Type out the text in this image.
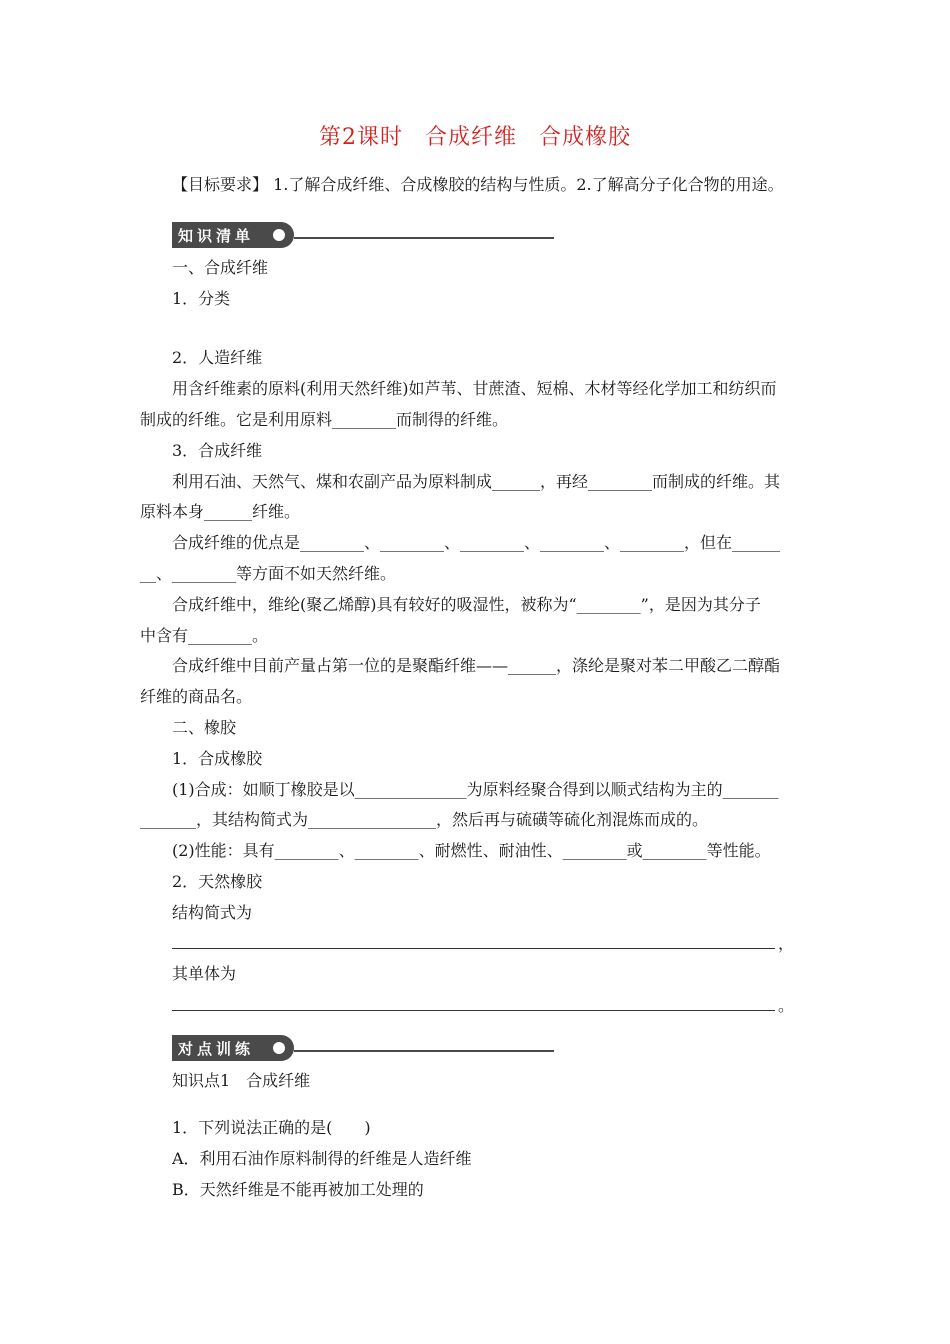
第2课时 合成纤维 合成橡胶
【目标要求】 1.了解合成纤维、合成橡胶的结构与性质。2.了解高分子化合物的用途。
知识清单
一、合成纤维
1．分类
2．人造纤维
用含纤维素的原料(利用天然纤维)如芦苇、甘蔗渣、短棉、木材等经化学加工和纺织而
制成的纤维。它是利用原料________而制得的纤维。
3．合成纤维
利用石油、天然气、煤和农副产品为原料制成______，再经________而制成的纤维。其
原料本身______纤维。
合成纤维的优点是________、________、________、________、________，但在______
__、________等方面不如天然纤维。
合成纤维中，维纶(聚乙烯醇)具有较好的吸湿性，被称为“________”，是因为其分子
中含有________。
合成纤维中目前产量占第一位的是聚酯纤维——______，涤纶是聚对苯二甲酸乙二醇酯
纤维的商品名。
二、橡胶
1．合成橡胶
(1)合成：如顺丁橡胶是以______________为原料经聚合得到以顺式结构为主的_______
_______，其结构简式为________________，然后再与硫磺等硫化剂混炼而成的。
(2)性能：具有________、________、耐燃性、耐油性、________或________等性能。
2．天然橡胶
结构简式为
，
其单体为
。
对点训练
知识点1　合成纤维
1．下列说法正确的是(　　)
A．利用石油作原料制得的纤维是人造纤维
B．天然纤维是不能再被加工处理的
